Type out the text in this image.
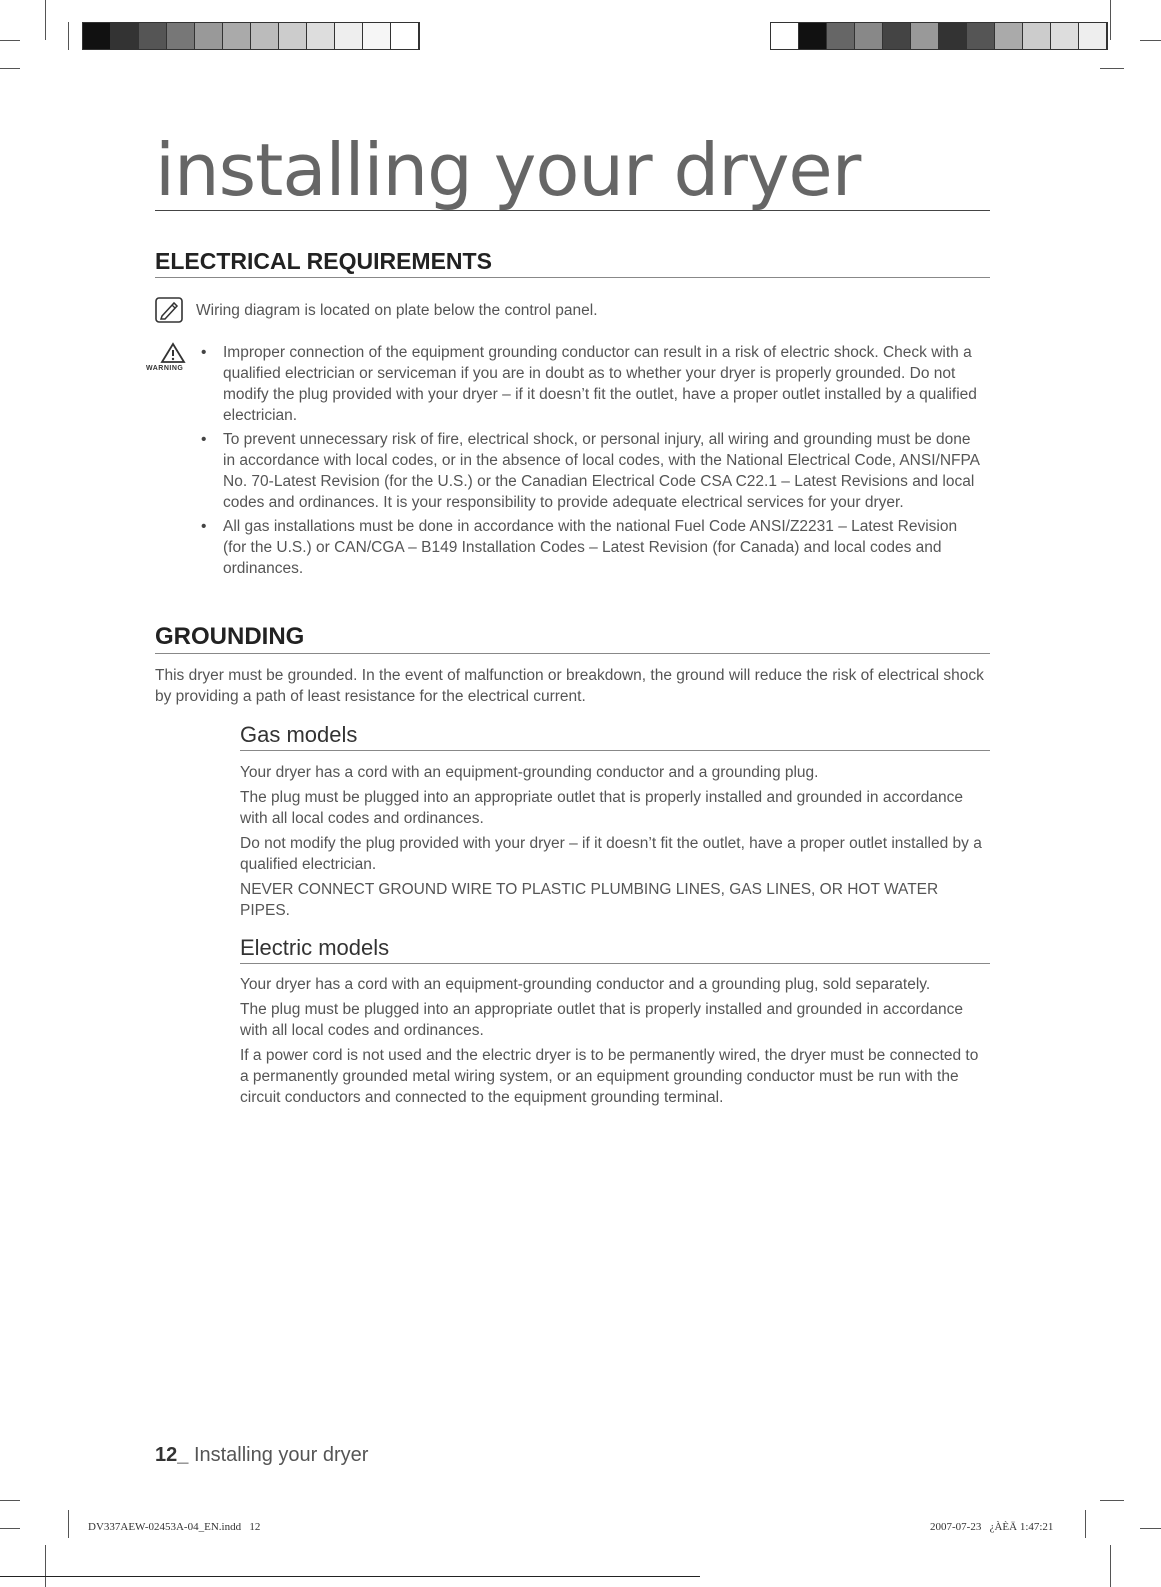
installing your dryer
ELECTRICAL REQUIREMENTS
Wiring diagram is located on plate below the control panel.
WARNING
• Improper connection of the equipment grounding conductor can result in a risk of electric shock. Check with a qualified electrician or serviceman if you are in doubt as to whether your dryer is properly grounded. Do not modify the plug provided with your dryer – if it doesn’t fit the outlet, have a proper outlet installed by a qualified electrician.
• To prevent unnecessary risk of fire, electrical shock, or personal injury, all wiring and grounding must be done in accordance with local codes, or in the absence of local codes, with the National Electrical Code, ANSI/NFPA No. 70-Latest Revision (for the U.S.) or the Canadian Electrical Code CSA C22.1 – Latest Revisions and local codes and ordinances. It is your responsibility to provide adequate electrical services for your dryer.
• All gas installations must be done in accordance with the national Fuel Code ANSI/Z2231 – Latest Revision (for the U.S.) or CAN/CGA – B149 Installation Codes – Latest Revision (for Canada) and local codes and ordinances.
GROUNDING
This dryer must be grounded. In the event of malfunction or breakdown, the ground will reduce the risk of electrical shock by providing a path of least resistance for the electrical current.
Gas models

Your dryer has a cord with an equipment-grounding conductor and a grounding plug.

The plug must be plugged into an appropriate outlet that is properly installed and grounded in accordance with all local codes and ordinances.

Do not modify the plug provided with your dryer – if it doesn’t fit the outlet, have a proper outlet installed by a qualified electrician.

NEVER CONNECT GROUND WIRE TO PLASTIC PLUMBING LINES, GAS LINES, OR HOT WATER PIPES.

Electric models

Your dryer has a cord with an equipment-grounding conductor and a grounding plug, sold separately.

The plug must be plugged into an appropriate outlet that is properly installed and grounded in accordance with all local codes and ordinances.

If a power cord is not used and the electric dryer is to be permanently wired, the dryer must be connected to a permanently grounded metal wiring system, or an equipment grounding conductor must be run with the circuit conductors and connected to the equipment grounding terminal.

12_ Installing your dryer
DV337AEW-02453A-04_EN.indd   12	2007-07-23   ¿ÀÈÄ 1:47:21
